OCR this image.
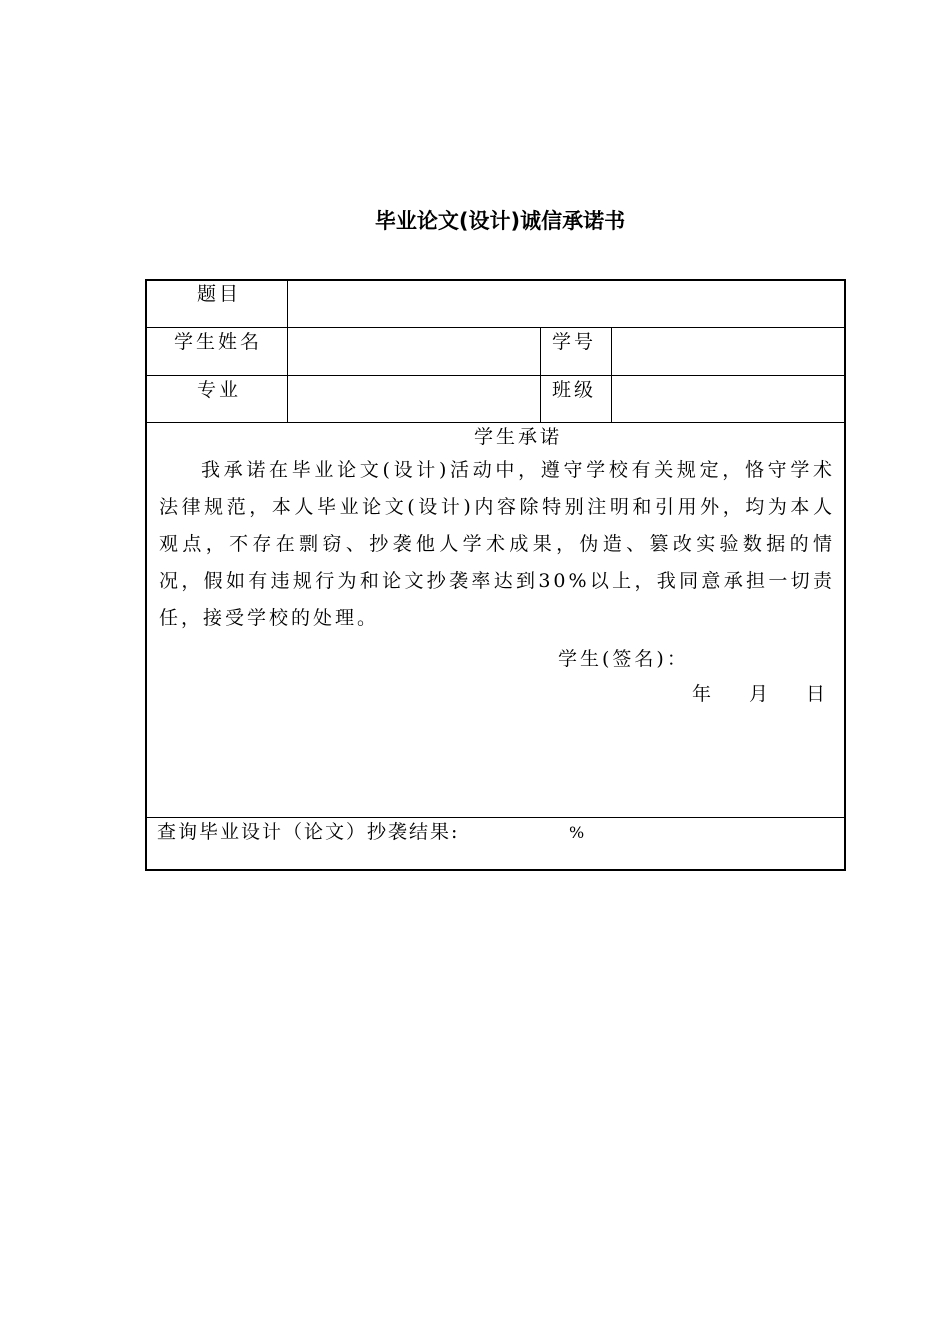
毕业论文(设计)诚信承诺书
题目
学生姓名	学号
专业	班级
学生承诺
我承诺在毕业论文(设计)活动中，遵守学校有关规定，恪守学术法律规范，本人毕业论文(设计)内容除特别注明和引用外，均为本人观点，不存在剽窃、抄袭他人学术成果，伪造、篡改实验数据的情况，假如有违规行为和论文抄袭率达到30%以上，我同意承担一切责任，接受学校的处理。
学生(签名)：
年 月 日
查询毕业设计（论文）抄袭结果:	%
